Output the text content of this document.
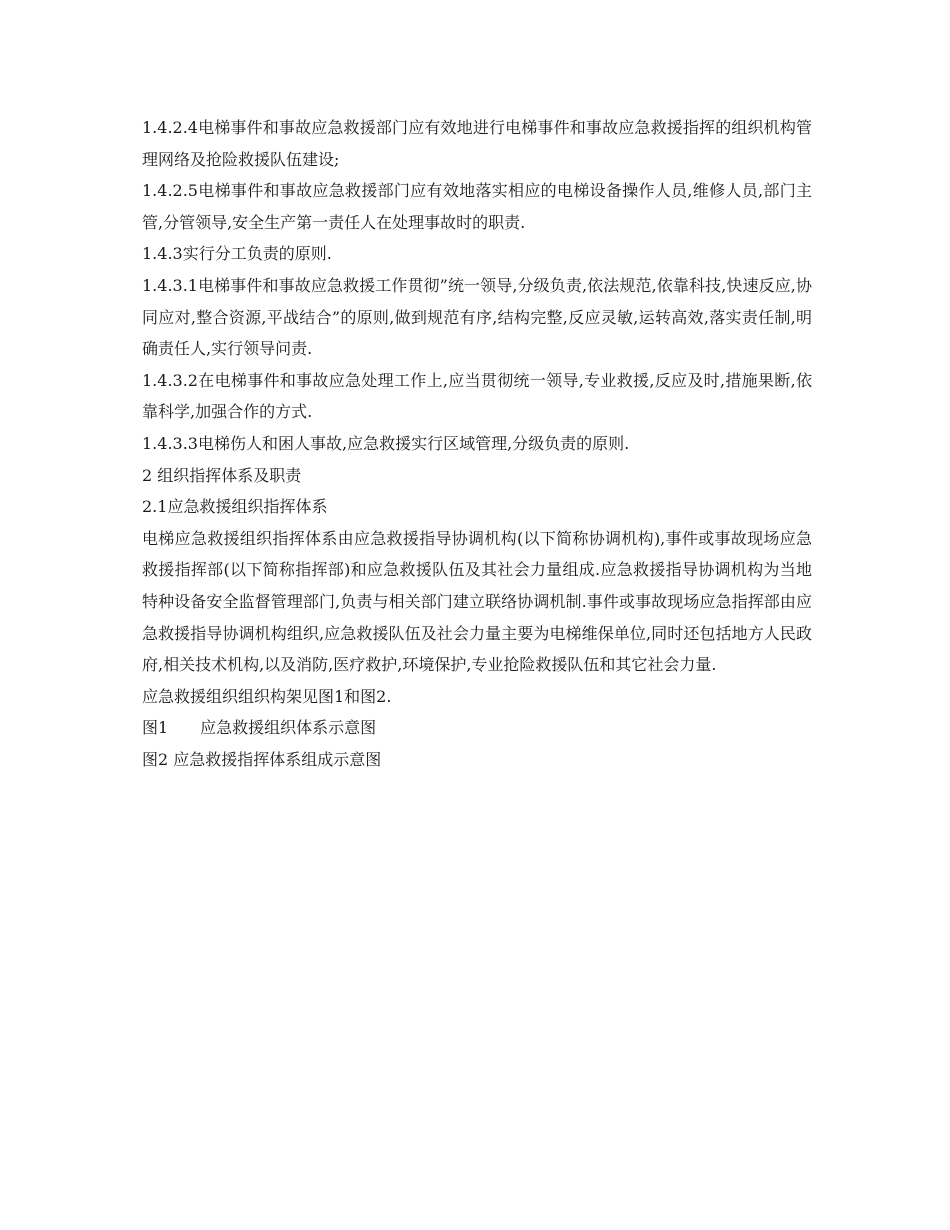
1.4.2.4电梯事件和事故应急救援部门应有效地进行电梯事件和事故应急救援指挥的组织机构管理网络及抢险救援队伍建设;

1.4.2.5电梯事件和事故应急救援部门应有效地落实相应的电梯设备操作人员,维修人员,部门主管,分管领导,安全生产第一责任人在处理事故时的职责.

1.4.3实行分工负责的原则.

1.4.3.1电梯事件和事故应急救援工作贯彻”统一领导,分级负责,依法规范,依靠科技,快速反应,协同应对,整合资源,平战结合”的原则,做到规范有序,结构完整,反应灵敏,运转高效,落实责任制,明确责任人,实行领导问责.

1.4.3.2在电梯事件和事故应急处理工作上,应当贯彻统一领导,专业救援,反应及时,措施果断,依靠科学,加强合作的方式.

1.4.3.3电梯伤人和困人事故,应急救援实行区域管理,分级负责的原则.

2 组织指挥体系及职责

2.1应急救援组织指挥体系

电梯应急救援组织指挥体系由应急救援指导协调机构(以下简称协调机构),事件或事故现场应急救援指挥部(以下简称指挥部)和应急救援队伍及其社会力量组成.应急救援指导协调机构为当地特种设备安全监督管理部门,负责与相关部门建立联络协调机制.事件或事故现场应急指挥部由应急救援指导协调机构组织,应急救援队伍及社会力量主要为电梯维保单位,同时还包括地方人民政府,相关技术机构,以及消防,医疗救护,环境保护,专业抢险救援队伍和其它社会力量.

应急救援组织组织构架见图1和图2.

图1　　应急救援组织体系示意图

图2 应急救援指挥体系组成示意图
